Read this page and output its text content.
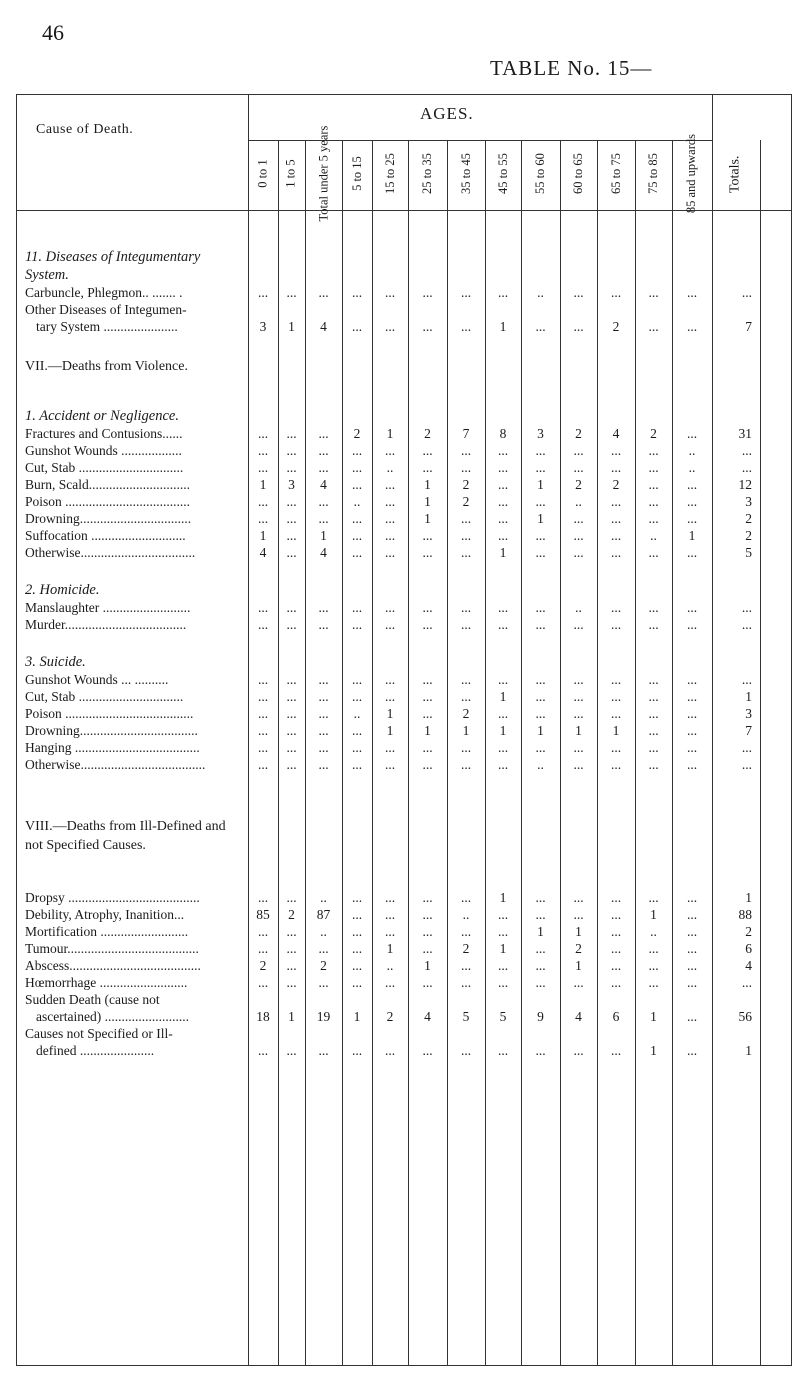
46
TABLE No. 15—
AGES.
Cause of Death.
0 to 1 1 to 5 Total under 5 years 5 to 15 15 to 25 25 to 35 35 to 45 45 to 55 55 to 60 60 to 65 65 to 75 75 to 85 85 and upwards Totals.
11. Diseases of Integumentary System.
Carbuncle, Phlegmon.. ....... .	...	...	...	...	...	...	...	...	..	...	...	...	...	...
Other Diseases of Integumen-
tary System ......................	3	1	4	...	...	...	...	1	...	...	2	...	...	7
VII.—Deaths from Violence.
1. Accident or Negligence.
Fractures and Contusions......	...	...	...	2	1	2	7	8	3	2	4	2	...	31
Gunshot Wounds ..................	...	...	...	...	...	...	...	...	...	...	...	...	..	...
Cut, Stab ...............................	...	...	...	...	..	...	...	...	...	...	...	...	..	...
Burn, Scald..............................	1	3	4	...	...	1	2	...	1	2	2	...	...	12
Poison .....................................	...	...	...	..	...	1	2	...	...	..	...	...	...	3
Drowning.................................	...	...	...	...	...	1	...	...	1	...	...	...	...	2
Suffocation ............................	1	...	1	...	...	...	...	...	...	...	...	..	1	2
Otherwise..................................	4	...	4	...	...	...	...	1	...	...	...	...	...	5
2. Homicide.
Manslaughter ..........................	...	...	...	...	...	...	...	...	...	..	...	...	...	...
Murder....................................	...	...	...	...	...	...	...	...	...	...	...	...	...	...
3. Suicide.
Gunshot Wounds ... ..........	...	...	...	...	...	...	...	...	...	...	...	...	...	...
Cut, Stab ...............................	...	...	...	...	...	...	...	1	...	...	...	...	...	1
Poison ......................................	...	...	...	..	1	...	2	...	...	...	...	...	...	3
Drowning...................................	...	...	...	...	1	1	1	1	1	1	1	...	...	7
Hanging .....................................	...	...	...	...	...	...	...	...	...	...	...	...	...	...
Otherwise.....................................	...	...	...	...	...	...	...	...	..	...	...	...	...	...
VIII.—Deaths from Ill-Defined and not Specified Causes.
Dropsy .......................................	...	...	..	...	...	...	...	1	...	...	...	...	...	1
Debility, Atrophy, Inanition...	85	2	87	...	...	...	..	...	...	...	...	1	...	88
Mortification ..........................	...	...	..	...	...	...	...	...	1	1	...	..	...	2
Tumour.......................................	...	...	...	...	1	...	2	1	...	2	...	...	...	6
Abscess.......................................	2	...	2	...	..	1	...	...	...	1	...	...	...	4
Hœmorrhage ..........................	...	...	...	...	...	...	...	...	...	...	...	...	...	...
Sudden Death (cause not
ascertained) .........................	18	1	19	1	2	4	5	5	9	4	6	1	...	56
Causes not Specified or Ill-
defined ......................	...	...	...	...	...	...	...	...	...	...	...	1	...	1
